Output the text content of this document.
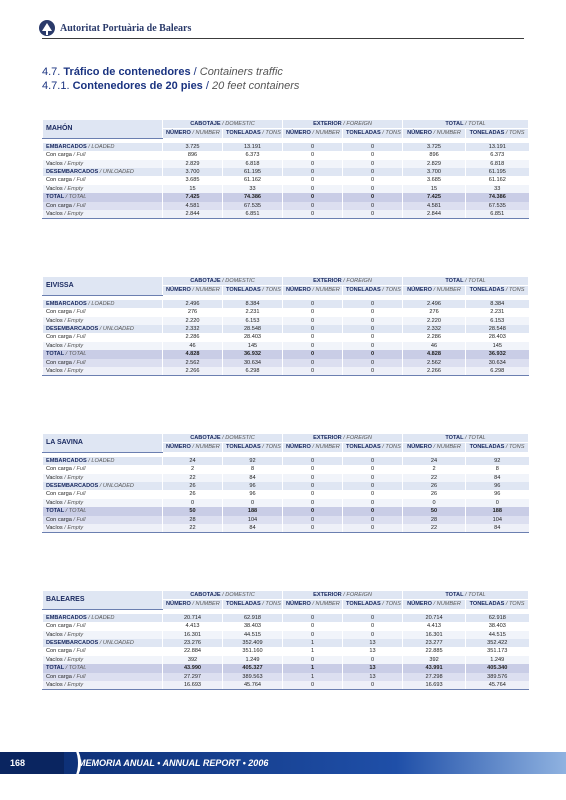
Autoritat Portuària de Balears
4.7. Tráfico de contenedores / Containers traffic
4.7.1. Contenedores de 20 pies / 20 feet containers
MAHÓN	CABOTAJE / DOMESTIC		EXTERIOR / FOREIGN		TOTAL / TOTAL	
	NÚMERO / NUMBER	TONELADAS / TONS	NÚMERO / NUMBER	TONELADAS / TONS	NÚMERO / NUMBER	TONELADAS / TONS

EMBARCADOS / LOADED	3.725	13.191	0	0	3.725	13.191
Con carga / Full	896	6.373	0	0	896	6.373
Vacíos / Empty	2.829	6.818	0	0	2.829	6.818
DESEMBARCADOS / UNLOADED	3.700	61.195	0	0	3.700	61.195
Con carga / Full	3.685	61.162	0	0	3.685	61.162
Vacíos / Empty	15	33	0	0	15	33
TOTAL / TOTAL	7.425	74.386	0	0	7.425	74.386
Con carga / Full	4.581	67.535	0	0	4.581	67.535
Vacíos / Empty	2.844	6.851	0	0	2.844	6.851
EIVISSA	CABOTAJE / DOMESTIC		EXTERIOR / FOREIGN		TOTAL / TOTAL	
	NÚMERO / NUMBER	TONELADAS / TONS	NÚMERO / NUMBER	TONELADAS / TONS	NÚMERO / NUMBER	TONELADAS / TONS

EMBARCADOS / LOADED	2.496	8.384	0	0	2.496	8.384
Con carga / Full	276	2.231	0	0	276	2.231
Vacíos / Empty	2.220	6.153	0	0	2.220	6.153
DESEMBARCADOS / UNLOADED	2.332	28.548	0	0	2.332	28.548
Con carga / Full	2.286	28.403	0	0	2.286	28.403
Vacíos / Empty	46	145	0	0	46	145
TOTAL / TOTAL	4.828	36.932	0	0	4.828	36.932
Con carga / Full	2.562	30.634	0	0	2.562	30.634
Vacíos / Empty	2.266	6.298	0	0	2.266	6.298
LA SAVINA	CABOTAJE / DOMESTIC		EXTERIOR / FOREIGN		TOTAL / TOTAL	
	NÚMERO / NUMBER	TONELADAS / TONS	NÚMERO / NUMBER	TONELADAS / TONS	NÚMERO / NUMBER	TONELADAS / TONS

EMBARCADOS / LOADED	24	92	0	0	24	92
Con carga / Full	2	8	0	0	2	8
Vacíos / Empty	22	84	0	0	22	84
DESEMBARCADOS / UNLOADED	26	96	0	0	26	96
Con carga / Full	26	96	0	0	26	96
Vacíos / Empty	0	0	0	0	0	0
TOTAL / TOTAL	50	188	0	0	50	188
Con carga / Full	28	104	0	0	28	104
Vacíos / Empty	22	84	0	0	22	84
BALEARES	CABOTAJE / DOMESTIC		EXTERIOR / FOREIGN		TOTAL / TOTAL	
	NÚMERO / NUMBER	TONELADAS / TONS	NÚMERO / NUMBER	TONELADAS / TONS	NÚMERO / NUMBER	TONELADAS / TONS

EMBARCADOS / LOADED	20.714	62.918	0	0	20.714	62.918
Con carga / Full	4.413	38.403	0	0	4.413	38.403
Vacíos / Empty	16.301	44.515	0	0	16.301	44.515
DESEMBARCADOS / UNLOADED	23.276	352.409	1	13	23.277	352.422
Con carga / Full	22.884	351.160	1	13	22.885	351.173
Vacíos / Empty	392	1.249	0	0	392	1.249
TOTAL / TOTAL	43.990	405.327	1	13	43.991	405.340
Con carga / Full	27.297	389.563	1	13	27.298	389.576
Vacíos / Empty	16.693	45.764	0	0	16.693	45.764
168	MEMORIA ANUAL • ANNUAL REPORT • 2006
